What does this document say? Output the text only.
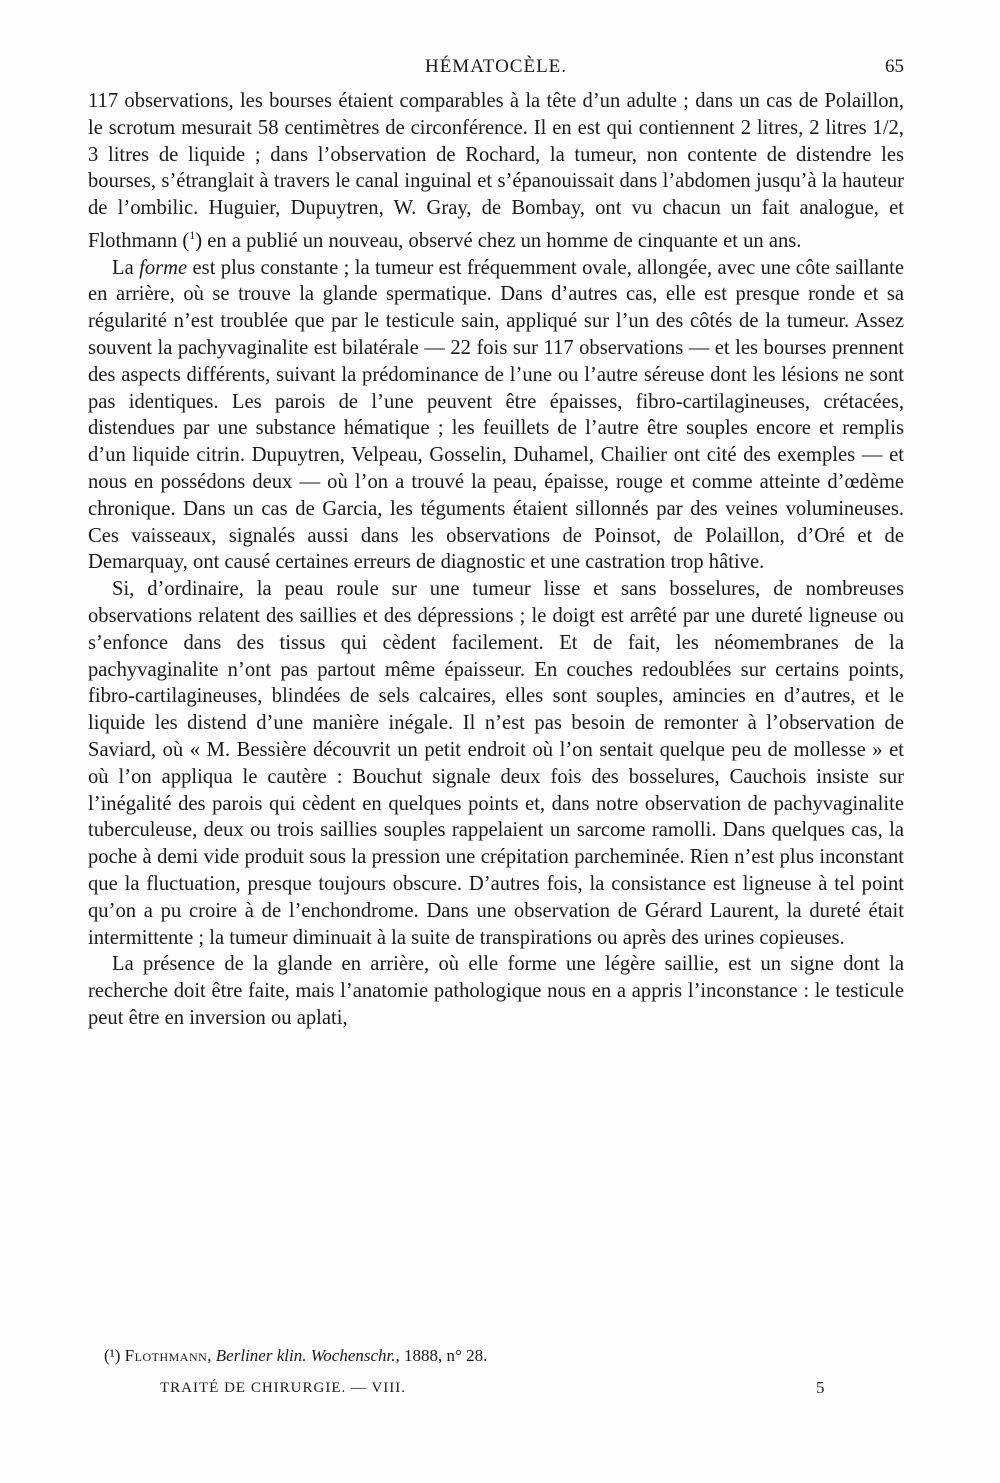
HÉMATOCÈLE.	65

117 observations, les bourses étaient comparables à la tête d’un adulte ; dans un cas de Polaillon, le scrotum mesurait 58 centimètres de circonférence. Il en est qui contiennent 2 litres, 2 litres 1/2, 3 litres de liquide ; dans l’observation de Rochard, la tumeur, non contente de distendre les bourses, s’étranglait à travers le canal inguinal et s’épanouissait dans l’abdomen jusqu’à la hauteur de l’ombilic. Huguier, Dupuytren, W. Gray, de Bombay, ont vu chacun un fait analogue, et Flothmann ($^1$) en a publié un nouveau, observé chez un homme de cinquante et un ans.

La forme est plus constante ; la tumeur est fréquemment ovale, allongée, avec une côte saillante en arrière, où se trouve la glande spermatique. Dans d’autres cas, elle est presque ronde et sa régularité n’est troublée que par le testicule sain, appliqué sur l’un des côtés de la tumeur. Assez souvent la pachyvaginalite est bilatérale — 22 fois sur 117 observations — et les bourses prennent des aspects différents, suivant la prédominance de l’une ou l’autre séreuse dont les lésions ne sont pas identiques. Les parois de l’une peuvent être épaisses, fibro-cartilagineuses, crétacées, distendues par une substance hématique ; les feuillets de l’autre être souples encore et remplis d’un liquide citrin. Dupuytren, Velpeau, Gosselin, Duhamel, Chailier ont cité des exemples — et nous en possédons deux — où l’on a trouvé la peau, épaisse, rouge et comme atteinte d’œdème chronique. Dans un cas de Garcia, les téguments étaient sillonnés par des veines volumineuses. Ces vaisseaux, signalés aussi dans les observations de Poinsot, de Polaillon, d’Oré et de Demarquay, ont causé certaines erreurs de diagnostic et une castration trop hâtive.

Si, d’ordinaire, la peau roule sur une tumeur lisse et sans bosselures, de nombreuses observations relatent des saillies et des dépressions ; le doigt est arrêté par une dureté ligneuse ou s’enfonce dans des tissus qui cèdent facilement. Et de fait, les néomembranes de la pachyvaginalite n’ont pas partout même épaisseur. En couches redoublées sur certains points, fibro-cartilagineuses, blindées de sels calcaires, elles sont souples, amincies en d’autres, et le liquide les distend d’une manière inégale. Il n’est pas besoin de remonter à l’observation de Saviard, où « M. Bessière découvrit un petit endroit où l’on sentait quelque peu de mollesse » et où l’on appliqua le cautère : Bouchut signale deux fois des bosselures, Cauchois insiste sur l’inégalité des parois qui cèdent en quelques points et, dans notre observation de pachyvaginalite tuberculeuse, deux ou trois saillies souples rappelaient un sarcome ramolli. Dans quelques cas, la poche à demi vide produit sous la pression une crépitation parcheminée. Rien n’est plus inconstant que la fluctuation, presque toujours obscure. D’autres fois, la consistance est ligneuse à tel point qu’on a pu croire à de l’enchondrome. Dans une observation de Gérard Laurent, la dureté était intermittente ; la tumeur diminuait à la suite de transpirations ou après des urines copieuses.

La présence de la glande en arrière, où elle forme une légère saillie, est un signe dont la recherche doit être faite, mais l’anatomie pathologique nous en a appris l’inconstance : le testicule peut être en inversion ou aplati,

(¹) Flothmann, Berliner klin. Wochenschr., 1888, n° 28.
TRAITÉ DE CHIRURGIE. — VIII.	5
